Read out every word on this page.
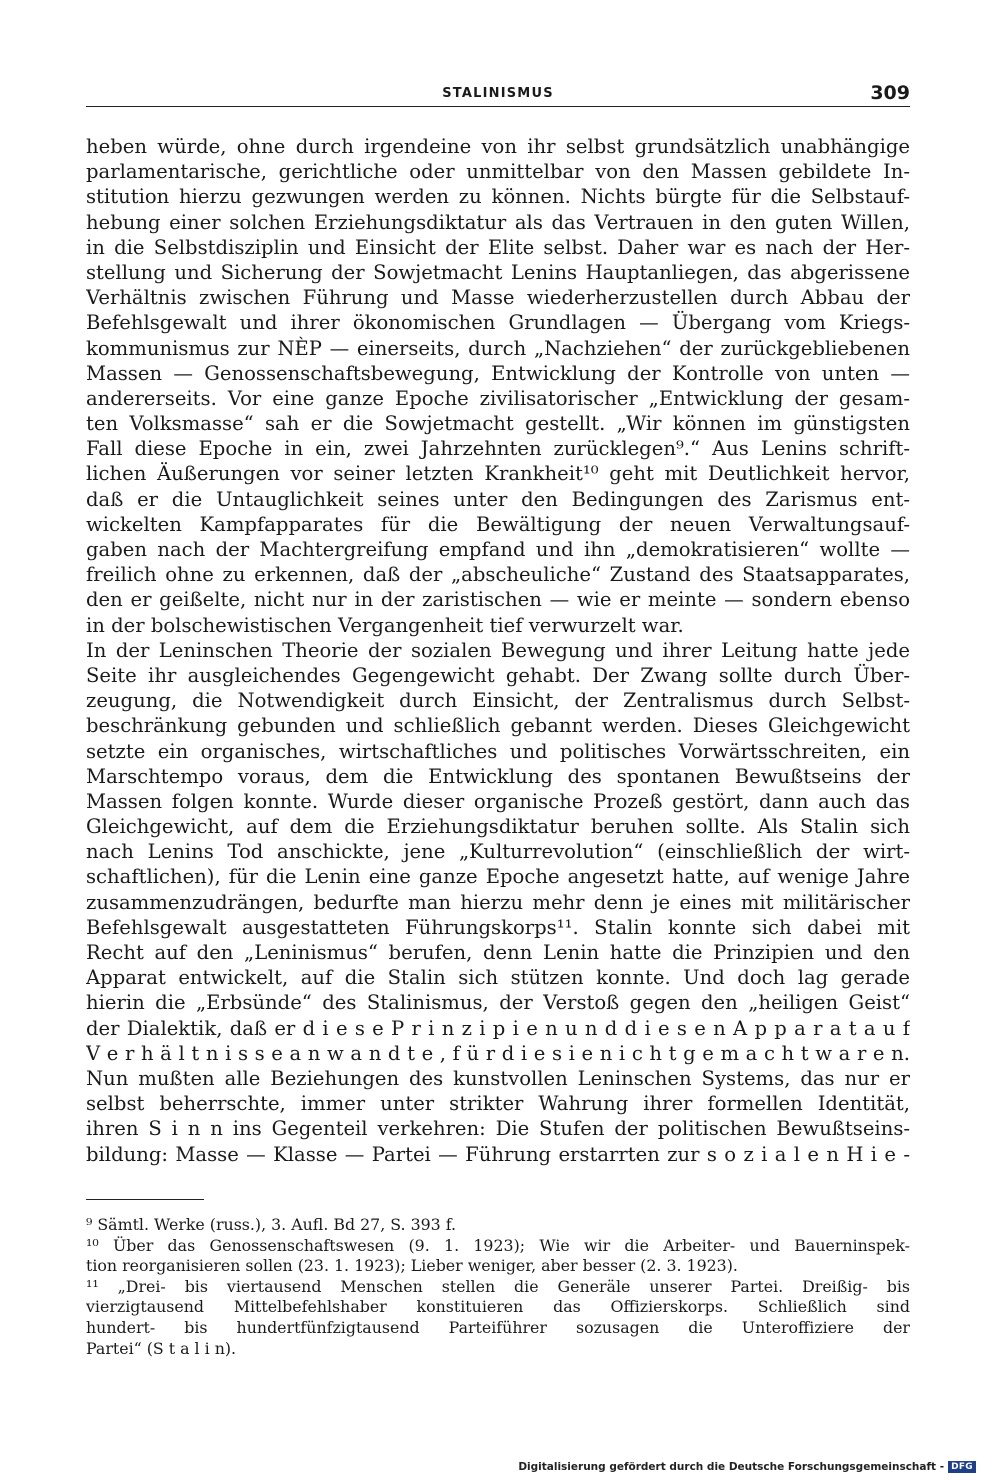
STALINISMUS	309
heben würde, ohne durch irgendeine von ihr selbst grundsätzlich unabhängige
parlamentarische, gerichtliche oder unmittelbar von den Massen gebildete In-
stitution hierzu gezwungen werden zu können. Nichts bürgte für die Selbstauf-
hebung einer solchen Erziehungsdiktatur als das Vertrauen in den guten Willen,
in die Selbstdisziplin und Einsicht der Elite selbst. Daher war es nach der Her-
stellung und Sicherung der Sowjetmacht Lenins Hauptanliegen, das abgerissene
Verhältnis zwischen Führung und Masse wiederherzustellen durch Abbau der
Befehlsgewalt und ihrer ökonomischen Grundlagen — Übergang vom Kriegs-
kommunismus zur NÈP — einerseits, durch „Nachziehen“ der zurückgebliebenen
Massen — Genossenschaftsbewegung, Entwicklung der Kontrolle von unten —
andererseits. Vor eine ganze Epoche zivilisatorischer „Entwicklung der gesam-
ten Volksmasse“ sah er die Sowjetmacht gestellt. „Wir können im günstigsten
Fall diese Epoche in ein, zwei Jahrzehnten zurücklegen⁹.“ Aus Lenins schrift-
lichen Äußerungen vor seiner letzten Krankheit¹⁰ geht mit Deutlichkeit hervor,
daß er die Untauglichkeit seines unter den Bedingungen des Zarismus ent-
wickelten Kampfapparates für die Bewältigung der neuen Verwaltungsauf-
gaben nach der Machtergreifung empfand und ihn „demokratisieren“ wollte —
freilich ohne zu erkennen, daß der „abscheuliche“ Zustand des Staatsapparates,
den er geißelte, nicht nur in der zaristischen — wie er meinte — sondern ebenso
in der bolschewistischen Vergangenheit tief verwurzelt war.
In der Leninschen Theorie der sozialen Bewegung und ihrer Leitung hatte jede
Seite ihr ausgleichendes Gegengewicht gehabt. Der Zwang sollte durch Über-
zeugung, die Notwendigkeit durch Einsicht, der Zentralismus durch Selbst-
beschränkung gebunden und schließlich gebannt werden. Dieses Gleichgewicht
setzte ein organisches, wirtschaftliches und politisches Vorwärtsschreiten, ein
Marschtempo voraus, dem die Entwicklung des spontanen Bewußtseins der
Massen folgen konnte. Wurde dieser organische Prozeß gestört, dann auch das
Gleichgewicht, auf dem die Erziehungsdiktatur beruhen sollte. Als Stalin sich
nach Lenins Tod anschickte, jene „Kulturrevolution“ (einschließlich der wirt-
schaftlichen), für die Lenin eine ganze Epoche angesetzt hatte, auf wenige Jahre
zusammenzudrängen, bedurfte man hierzu mehr denn je eines mit militärischer
Befehlsgewalt ausgestatteten Führungskorps¹¹. Stalin konnte sich dabei mit
Recht auf den „Leninismus“ berufen, denn Lenin hatte die Prinzipien und den
Apparat entwickelt, auf die Stalin sich stützen konnte. Und doch lag gerade
hierin die „Erbsünde“ des Stalinismus, der Verstoß gegen den „heiligen Geist“
der Dialektik, daß er d i e s e P r i n z i p i e n u n d d i e s e n A p p a r a t a u f
V e r h ä l t n i s s e a n w a n d t e , f ü r d i e s i e n i c h t g e m a c h t w a r e n.
Nun mußten alle Beziehungen des kunstvollen Leninschen Systems, das nur er
selbst beherrschte, immer unter strikter Wahrung ihrer formellen Identität,
ihren S i n n ins Gegenteil verkehren: Die Stufen der politischen Bewußtseins-
bildung: Masse — Klasse — Partei — Führung erstarrten zur s o z i a l e n H i e -
⁹ Sämtl. Werke (russ.), 3. Aufl. Bd 27, S. 393 f.
¹⁰ Über das Genossenschaftswesen (9. 1. 1923); Wie wir die Arbeiter- und Bauerninspek-
tion reorganisieren sollen (23. 1. 1923); Lieber weniger, aber besser (2. 3. 1923).
¹¹ „Drei- bis viertausend Menschen stellen die Generäle unserer Partei. Dreißig- bis
vierzigtausend Mittelbefehlshaber konstituieren das Offizierskorps. Schließlich sind
hundert- bis hundertfünfzigtausend Parteiführer sozusagen die Unteroffiziere der
Partei“ (S t a l i n).
Digitalisierung gefördert durch die Deutsche Forschungsgemeinschaft - DFG
